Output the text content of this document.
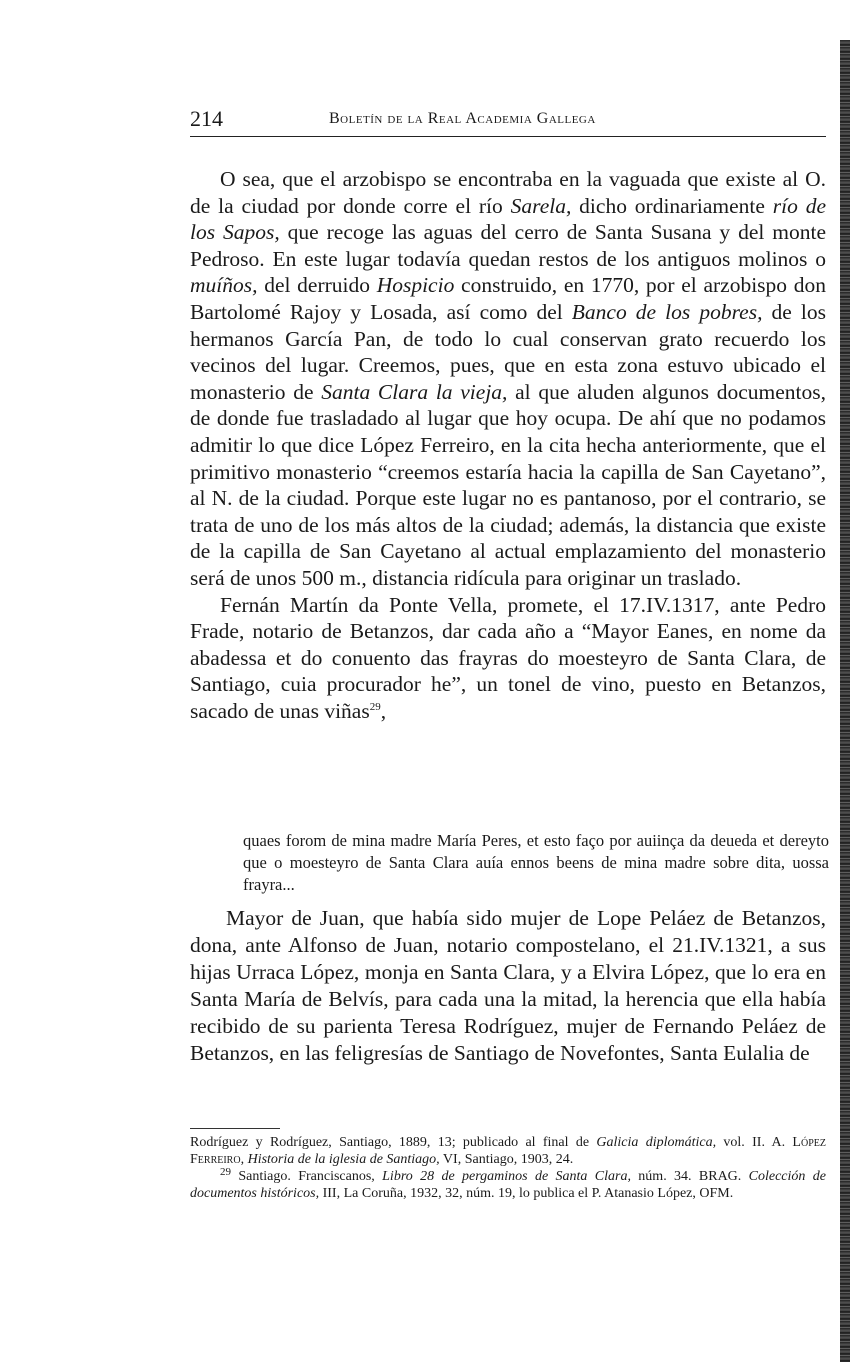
214	Boletín de la Real Academia Gallega

O sea, que el arzobispo se encontraba en la vaguada que existe al O. de la ciudad por donde corre el río Sarela, dicho ordinariamente río de los Sapos, que recoge las aguas del cerro de Santa Susana y del monte Pedroso. En este lugar todavía quedan restos de los antiguos molinos o muíños, del derruido Hospicio construido, en 1770, por el arzobispo don Bartolomé Rajoy y Losada, así como del Banco de los pobres, de los hermanos García Pan, de todo lo cual conservan grato recuerdo los vecinos del lugar. Creemos, pues, que en esta zona estuvo ubicado el monasterio de Santa Clara la vieja, al que aluden algunos documentos, de donde fue trasladado al lugar que hoy ocupa. De ahí que no podamos admitir lo que dice López Ferreiro, en la cita hecha anteriormente, que el primitivo monasterio “creemos estaría hacia la capilla de San Cayetano”, al N. de la ciudad. Porque este lugar no es pantanoso, por el contrario, se trata de uno de los más altos de la ciudad; además, la distancia que existe de la capilla de San Cayetano al actual emplazamiento del monasterio será de unos 500 m., distancia ridícula para originar un traslado.

Fernán Martín da Ponte Vella, promete, el 17.IV.1317, ante Pedro Frade, notario de Betanzos, dar cada año a “Mayor Eanes, en nome da abadessa et do conuento das frayras do moesteyro de Santa Clara, de Santiago, cuia procurador he”, un tonel de vino, puesto en Betanzos, sacado de unas viñas$^{29}$,

quaes forom de mina madre María Peres, et esto faço por auiinça da deueda et dereyto que o moesteyro de Santa Clara auía ennos beens de mina madre sobre dita, uossa frayra...

Mayor de Juan, que había sido mujer de Lope Peláez de Betanzos, dona, ante Alfonso de Juan, notario compostelano, el 21.IV.1321, a sus hijas Urraca López, monja en Santa Clara, y a Elvira López, que lo era en Santa María de Belvís, para cada una la mitad, la herencia que ella había recibido de su parienta Teresa Rodríguez, mujer de Fernando Peláez de Betanzos, en las feligresías de Santiago de Novefontes, Santa Eulalia de

Rodríguez y Rodríguez, Santiago, 1889, 13; publicado al final de Galicia diplomática, vol. II. A. López Ferreiro, Historia de la iglesia de Santiago, VI, Santiago, 1903, 24.

$^{29}$ Santiago. Franciscanos, Libro 28 de pergaminos de Santa Clara, núm. 34. BRAG. Colección de documentos históricos, III, La Coruña, 1932, 32, núm. 19, lo publica el P. Atanasio López, OFM.
